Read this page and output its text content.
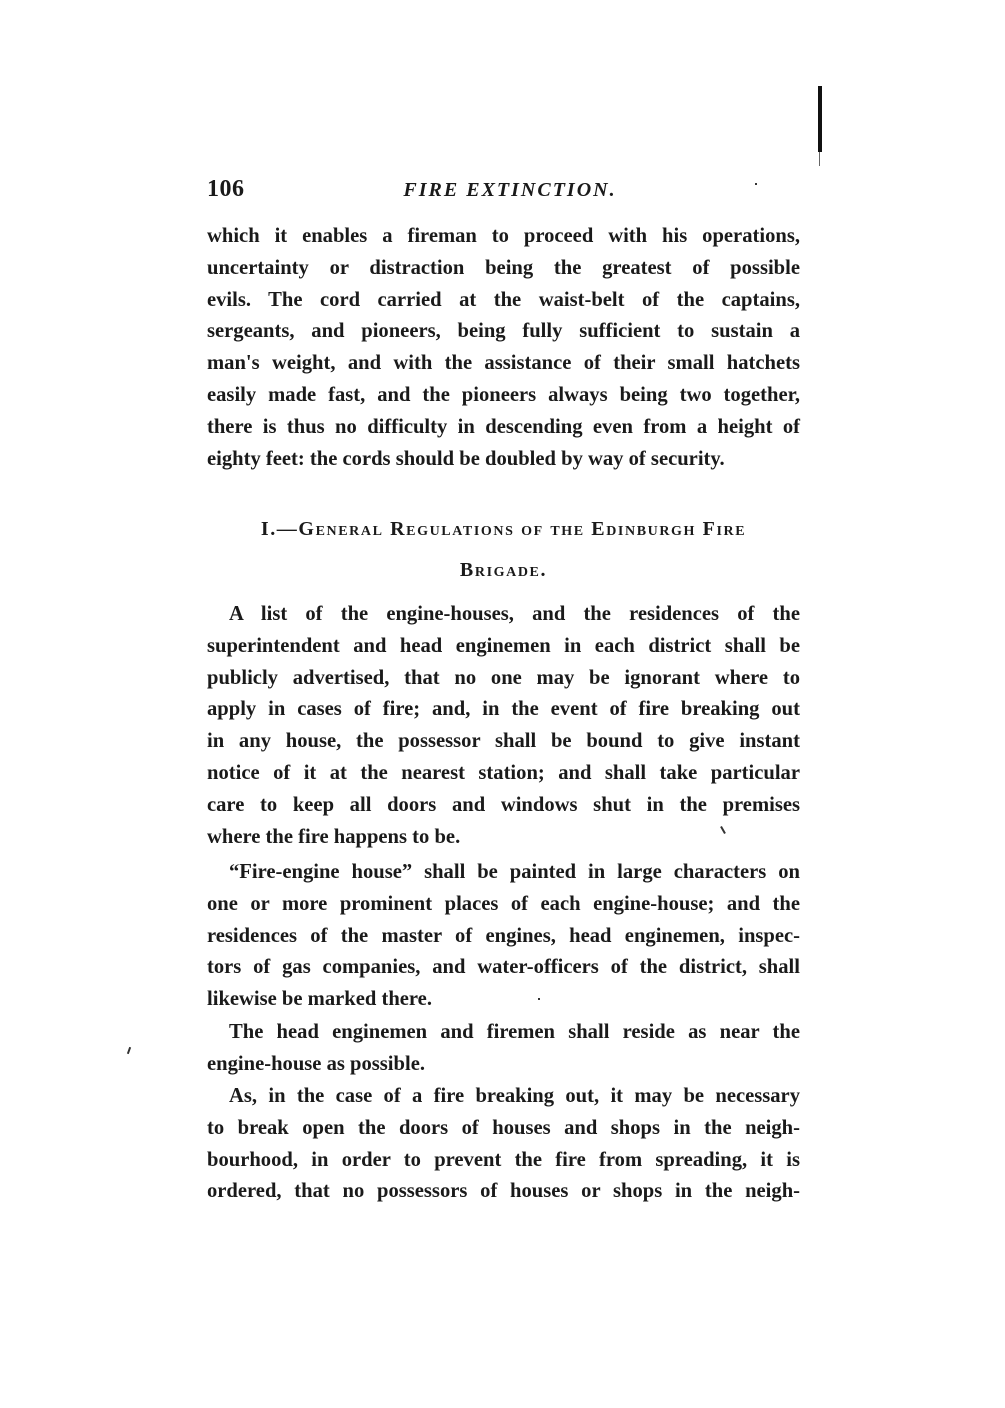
106	FIRE EXTINCTION.
which it enables a fireman to proceed with his operations,
uncertainty or distraction being the greatest of possible
evils. The cord carried at the waist-belt of the captains,
sergeants, and pioneers, being fully sufficient to sustain a
man's weight, and with the assistance of their small hatchets
easily made fast, and the pioneers always being two together,
there is thus no difficulty in descending even from a height of
eighty feet: the cords should be doubled by way of security.
I.—General Regulations of the Edinburgh Fire
Brigade.
A list of the engine-houses, and the residences of the
superintendent and head enginemen in each district shall be
publicly advertised, that no one may be ignorant where to
apply in cases of fire; and, in the event of fire breaking out
in any house, the possessor shall be bound to give instant
notice of it at the nearest station; and shall take particular
care to keep all doors and windows shut in the premises
where the fire happens to be.
“Fire-engine house” shall be painted in large characters on
one or more prominent places of each engine-house; and the
residences of the master of engines, head enginemen, inspec-
tors of gas companies, and water-officers of the district, shall
likewise be marked there.
The head enginemen and firemen shall reside as near the
engine-house as possible.
As, in the case of a fire breaking out, it may be necessary
to break open the doors of houses and shops in the neigh-
bourhood, in order to prevent the fire from spreading, it is
ordered, that no possessors of houses or shops in the neigh-
